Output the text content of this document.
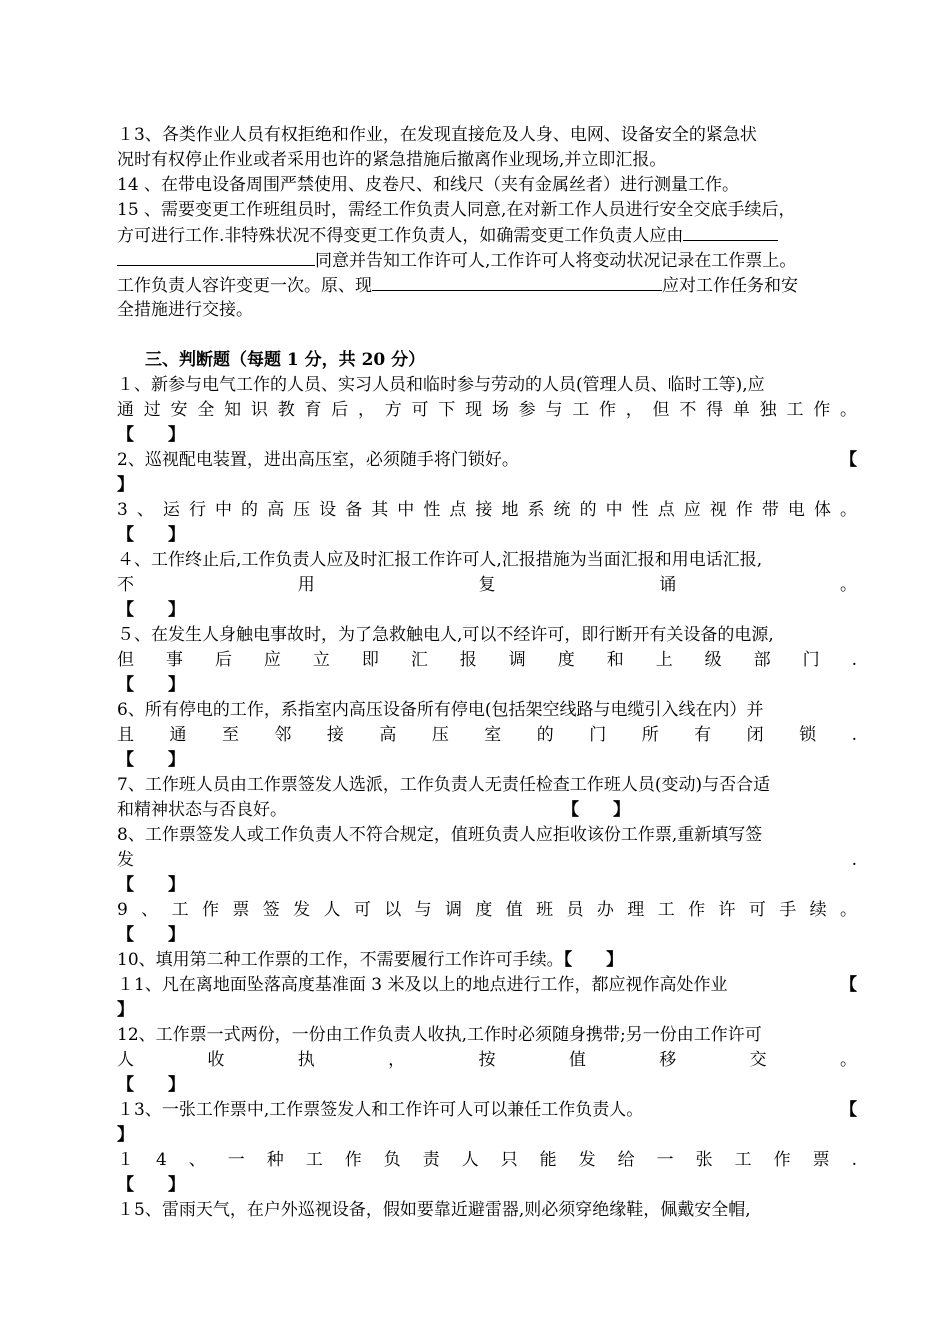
１3、各类作业人员有权拒绝和作业，在发现直接危及人身、电网、设备安全的紧急状
况时有权停止作业或者采用也许的紧急措施后撤离作业现场,并立即汇报。
14 、在带电设备周围严禁使用、皮卷尺、和线尺（夹有金属丝者）进行测量工作。
15 、需要变更工作班组员时，需经工作负责人同意,在对新工作人员进行安全交底手续后，
方可进行工作.非特殊状况不得变更工作负责人，如确需变更工作负责人应由
同意并告知工作许可人,工作许可人将变动状况记录在工作票上。
工作负责人容许变更一次。原、现	应对工作任务和安
全措施进行交接。
三、判断题（每题 1 分，共 20 分）
１、新参与电气工作的人员、实习人员和临时参与劳动的人员(管理人员、临时工等),应
通过安全知识教育后，方可下现场参与工作，但不得单独工作。
【　　】
2、巡视配电装置，进出高压室，必须随手将门锁好。	【
】
3、运行中的高压设备其中性点接地系统的中性点应视作带电体。
【　　】
４、工作终止后,工作负责人应及时汇报工作许可人,汇报措施为当面汇报和用电话汇报,
不用复诵。
【　　】
５、在发生人身触电事故时，为了急救触电人,可以不经许可，即行断开有关设备的电源,
但事后应立即汇报调度和上级部门.
【　　】
6、所有停电的工作，系指室内高压设备所有停电(包括架空线路与电缆引入线在内）并
且通至邻接高压室的门所有闭锁.
【　　】
7、工作班人员由工作票签发人选派，工作负责人无责任检查工作班人员(变动)与否合适
和精神状态与否良好。	【　　】
8、工作票签发人或工作负责人不符合规定，值班负责人应拒收该份工作票,重新填写签
发.
【　　】
9、工作票签发人可以与调度值班员办理工作许可手续。
【　　】
10、填用第二种工作票的工作，不需要履行工作许可手续。【　　】
１1、凡在离地面坠落高度基准面 3 米及以上的地点进行工作，都应视作高处作业	【
】
12、工作票一式两份，一份由工作负责人收执,工作时必须随身携带;另一份由工作许可
人收执，按值移交。
【　　】
１3、一张工作票中,工作票签发人和工作许可人可以兼任工作负责人。	【
】
１4、一种工作负责人只能发给一张工作票.
【　　】
１5、雷雨天气，在户外巡视设备，假如要靠近避雷器,则必须穿绝缘鞋，佩戴安全帽,
